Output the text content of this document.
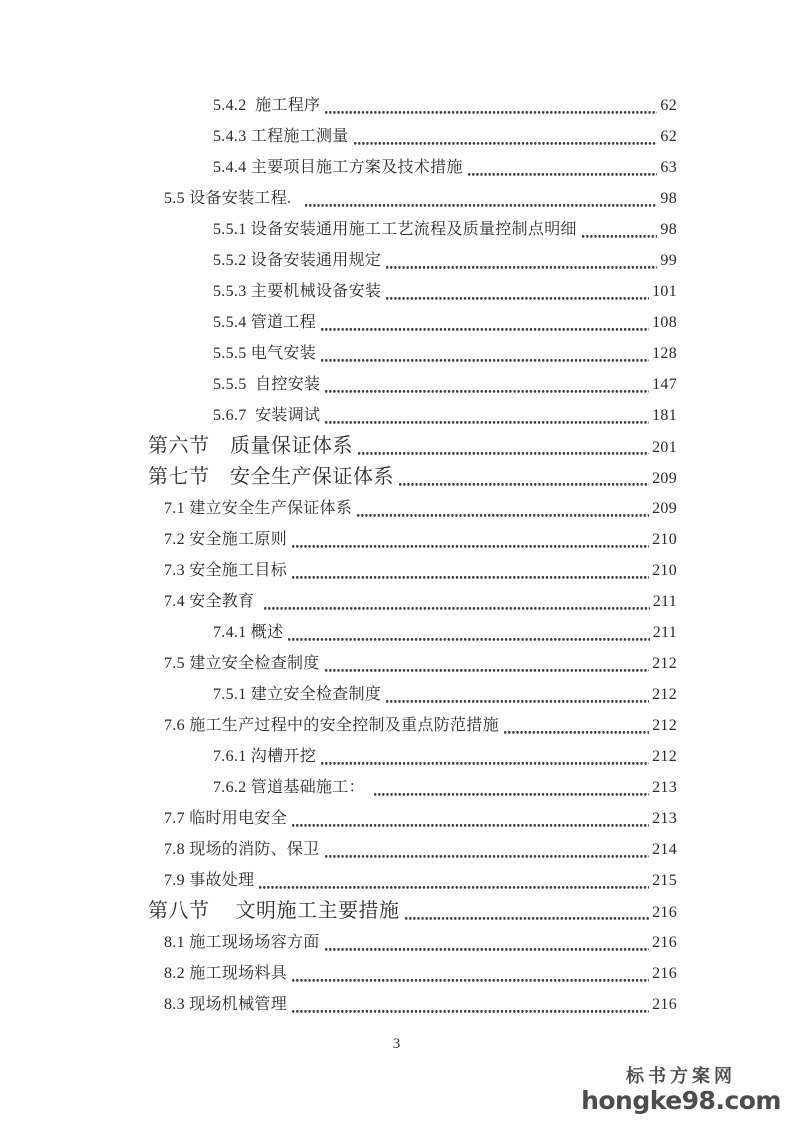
5.4.2  施工程序	62
5.4.3 工程施工测量	62
5.4.4 主要项目施工方案及技术措施	63
5.5 设备安装工程.	98
5.5.1 设备安装通用施工工艺流程及质量控制点明细	98
5.5.2 设备安装通用规定	99
5.5.3 主要机械设备安装	101
5.5.4 管道工程	108
5.5.5 电气安装	128
5.5.5  自控安装	147
5.6.7  安装调试	181
第六节　质量保证体系	201
第七节　安全生产保证体系	209
7.1 建立安全生产保证体系	209
7.2 安全施工原则	210
7.3 安全施工目标	210
7.4 安全教育	211
7.4.1 概述	211
7.5 建立安全检查制度	212
7.5.1 建立安全检查制度	212
7.6 施工生产过程中的安全控制及重点防范措施	212
7.6.1 沟槽开挖	212
7.6.2 管道基础施工：	213
7.7 临时用电安全	213
7.8 现场的消防、保卫	214
7.9 事故处理	215
第八节　 文明施工主要措施	216
8.1 施工现场场容方面	216
8.2 施工现场料具	216
8.3 现场机械管理	216
3
标书方案网
hongke98.com
